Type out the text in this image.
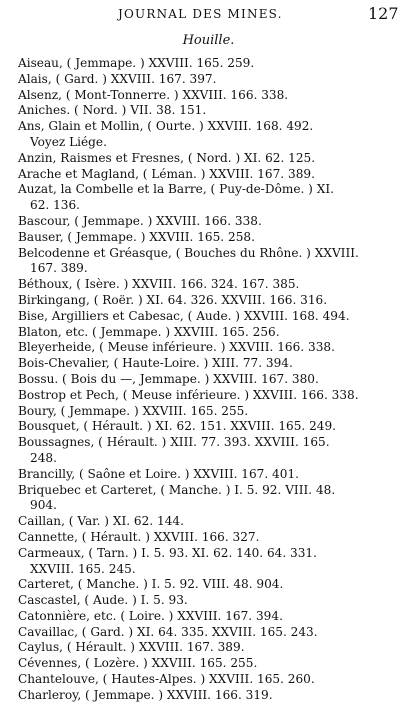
JOURNAL DES MINES.	127
Houille.
Aiseau, ( Jemmape. ) XXVIII. 165. 259.
Alais, ( Gard. ) XXVIII. 167. 397.
Alsenz, ( Mont-Tonnerre. ) XXVIII. 166. 338.
Aniches. ( Nord. ) VII. 38. 151.
Ans, Glain et Mollin, ( Ourte. ) XXVIII. 168. 492.
Voyez Liége.
Anzin, Raismes et Fresnes, ( Nord. ) XI. 62. 125.
Arache et Magland, ( Léman. ) XXVIII. 167. 389.
Auzat, la Combelle et la Barre, ( Puy-de-Dôme. ) XI.
62. 136.
Bascour, ( Jemmape. ) XXVIII. 166. 338.
Bauser, ( Jemmape. ) XXVIII. 165. 258.
Belcodenne et Gréasque, ( Bouches du Rhône. ) XXVIII.
167. 389.
Béthoux, ( Isère. ) XXVIII. 166. 324. 167. 385.
Birkingang, ( Roër. ) XI. 64. 326. XXVIII. 166. 316.
Bise, Argilliers et Cabesac, ( Aude. ) XXVIII. 168. 494.
Blaton, etc. ( Jemmape. ) XXVIII. 165. 256.
Bleyerheide, ( Meuse inférieure. ) XXVIII. 166. 338.
Bois-Chevalier, ( Haute-Loire. ) XIII. 77. 394.
Bossu. ( Bois du —, Jemmape. ) XXVIII. 167. 380.
Bostrop et Pech, ( Meuse inférieure. ) XXVIII. 166. 338.
Boury, ( Jemmape. ) XXVIII. 165. 255.
Bousquet, ( Hérault. ) XI. 62. 151. XXVIII. 165. 249.
Boussagnes, ( Hérault. ) XIII. 77. 393. XXVIII. 165.
248.
Brancilly, ( Saône et Loire. ) XXVIII. 167. 401.
Briquebec et Carteret, ( Manche. ) I. 5. 92. VIII. 48.
904.
Caillan, ( Var. ) XI. 62. 144.
Cannette, ( Hérault. ) XXVIII. 166. 327.
Carmeaux, ( Tarn. ) I. 5. 93. XI. 62. 140. 64. 331.
XXVIII. 165. 245.
Carteret, ( Manche. ) I. 5. 92. VIII. 48. 904.
Cascastel, ( Aude. ) I. 5. 93.
Catonnière, etc. ( Loire. ) XXVIII. 167. 394.
Cavaillac, ( Gard. ) XI. 64. 335. XXVIII. 165. 243.
Caylus, ( Hérault. ) XXVIII. 167. 389.
Cévennes, ( Lozère. ) XXVIII. 165. 255.
Chantelouve, ( Hautes-Alpes. ) XXVIII. 165. 260.
Charleroy, ( Jemmape. ) XXVIII. 166. 319.
